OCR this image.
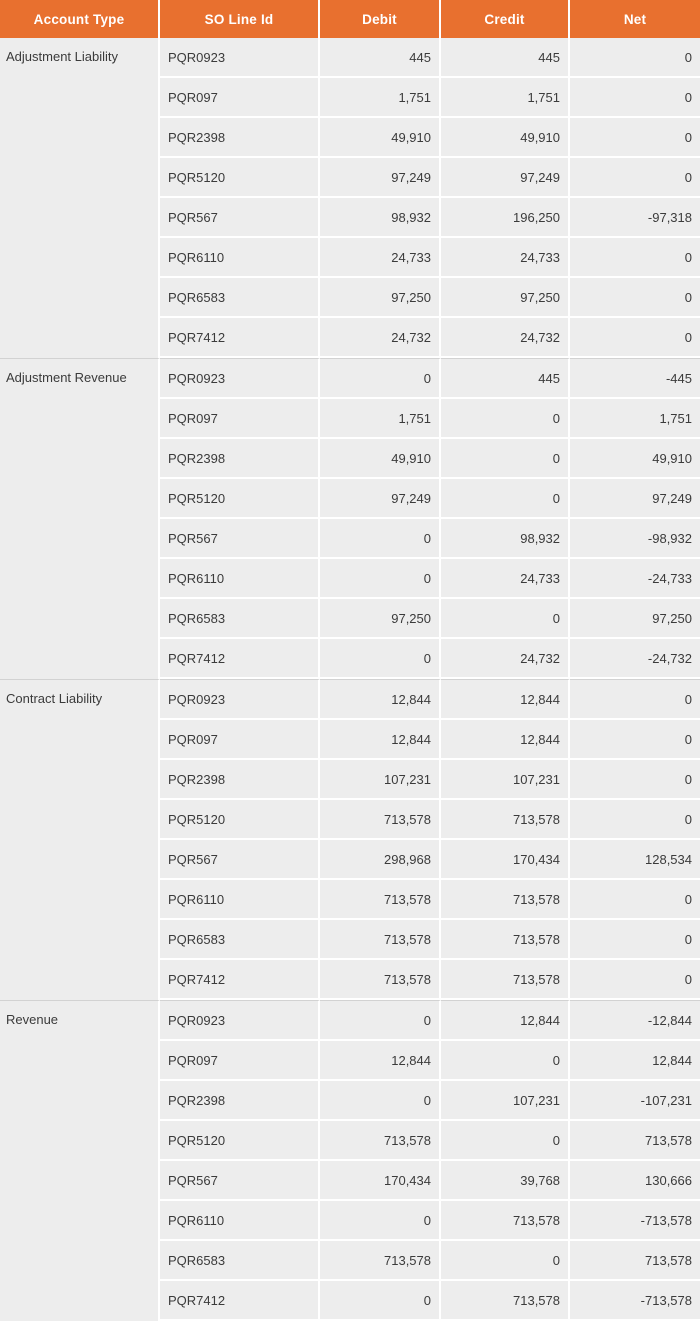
Account Type	SO Line Id	Debit	Credit	Net
Adjustment Liability	PQR0923	445	445	0
	PQR097	1,751	1,751	0
	PQR2398	49,910	49,910	0
	PQR5120	97,249	97,249	0
	PQR567	98,932	196,250	-97,318
	PQR6110	24,733	24,733	0
	PQR6583	97,250	97,250	0
	PQR7412	24,732	24,732	0
Adjustment Revenue	PQR0923	0	445	-445
	PQR097	1,751	0	1,751
	PQR2398	49,910	0	49,910
	PQR5120	97,249	0	97,249
	PQR567	0	98,932	-98,932
	PQR6110	0	24,733	-24,733
	PQR6583	97,250	0	97,250
	PQR7412	0	24,732	-24,732
Contract Liability	PQR0923	12,844	12,844	0
	PQR097	12,844	12,844	0
	PQR2398	107,231	107,231	0
	PQR5120	713,578	713,578	0
	PQR567	298,968	170,434	128,534
	PQR6110	713,578	713,578	0
	PQR6583	713,578	713,578	0
	PQR7412	713,578	713,578	0
Revenue	PQR0923	0	12,844	-12,844
	PQR097	12,844	0	12,844
	PQR2398	0	107,231	-107,231
	PQR5120	713,578	0	713,578
	PQR567	170,434	39,768	130,666
	PQR6110	0	713,578	-713,578
	PQR6583	713,578	0	713,578
	PQR7412	0	713,578	-713,578
